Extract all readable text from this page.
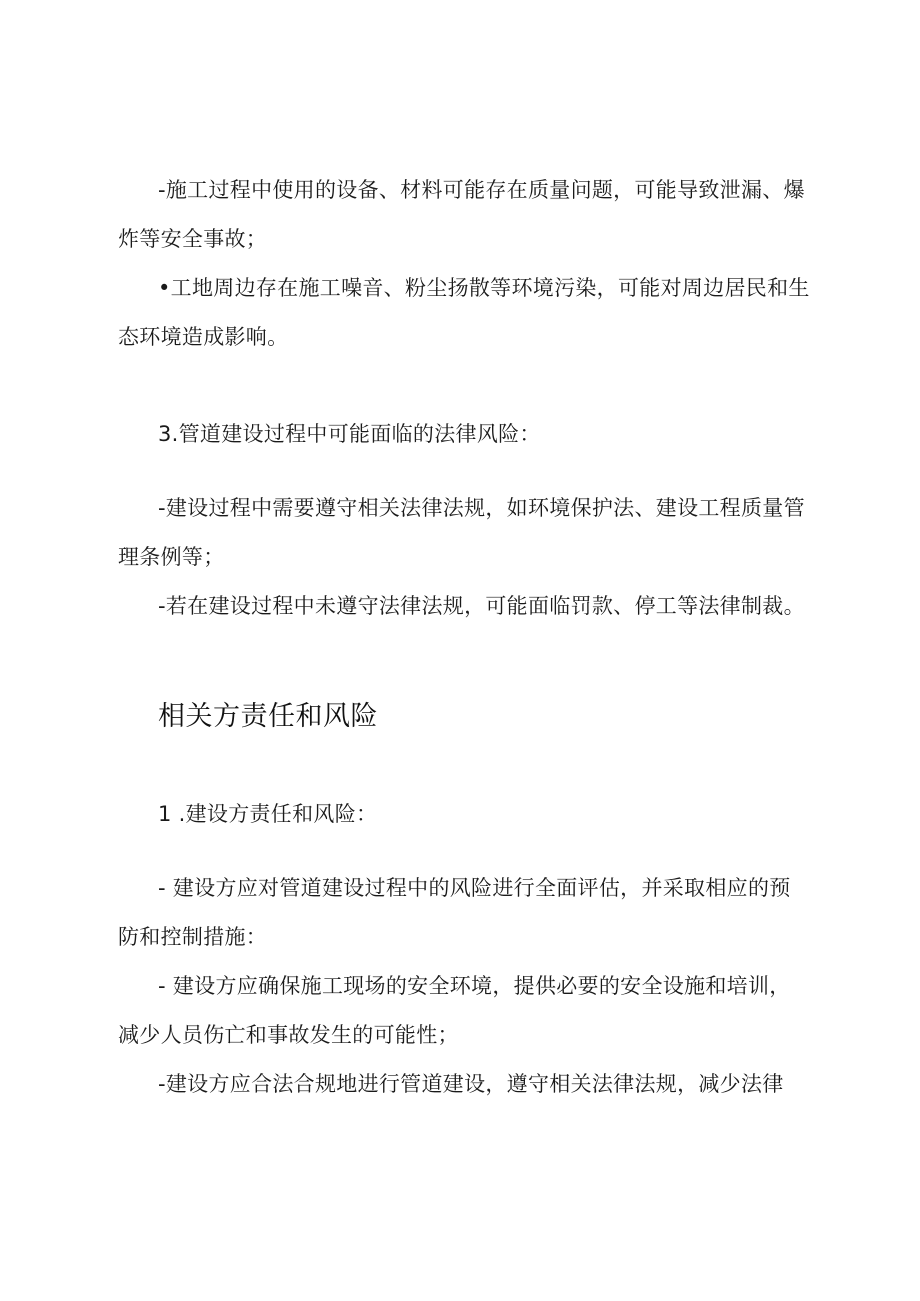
-施工过程中使用的设备、材料可能存在质量问题，可能导致泄漏、爆炸等安全事故；

•工地周边存在施工噪音、粉尘扬散等环境污染，可能对周边居民和生态环境造成影响。

3.管道建设过程中可能面临的法律风险：

-建设过程中需要遵守相关法律法规，如环境保护法、建设工程质量管理条例等；

-若在建设过程中未遵守法律法规，可能面临罚款、停工等法律制裁。

相关方责任和风险

1 .建设方责任和风险：

- 建设方应对管道建设过程中的风险进行全面评估，并采取相应的预防和控制措施：

- 建设方应确保施工现场的安全环境，提供必要的安全设施和培训，减少人员伤亡和事故发生的可能性；

-建设方应合法合规地进行管道建设，遵守相关法律法规，减少法律
